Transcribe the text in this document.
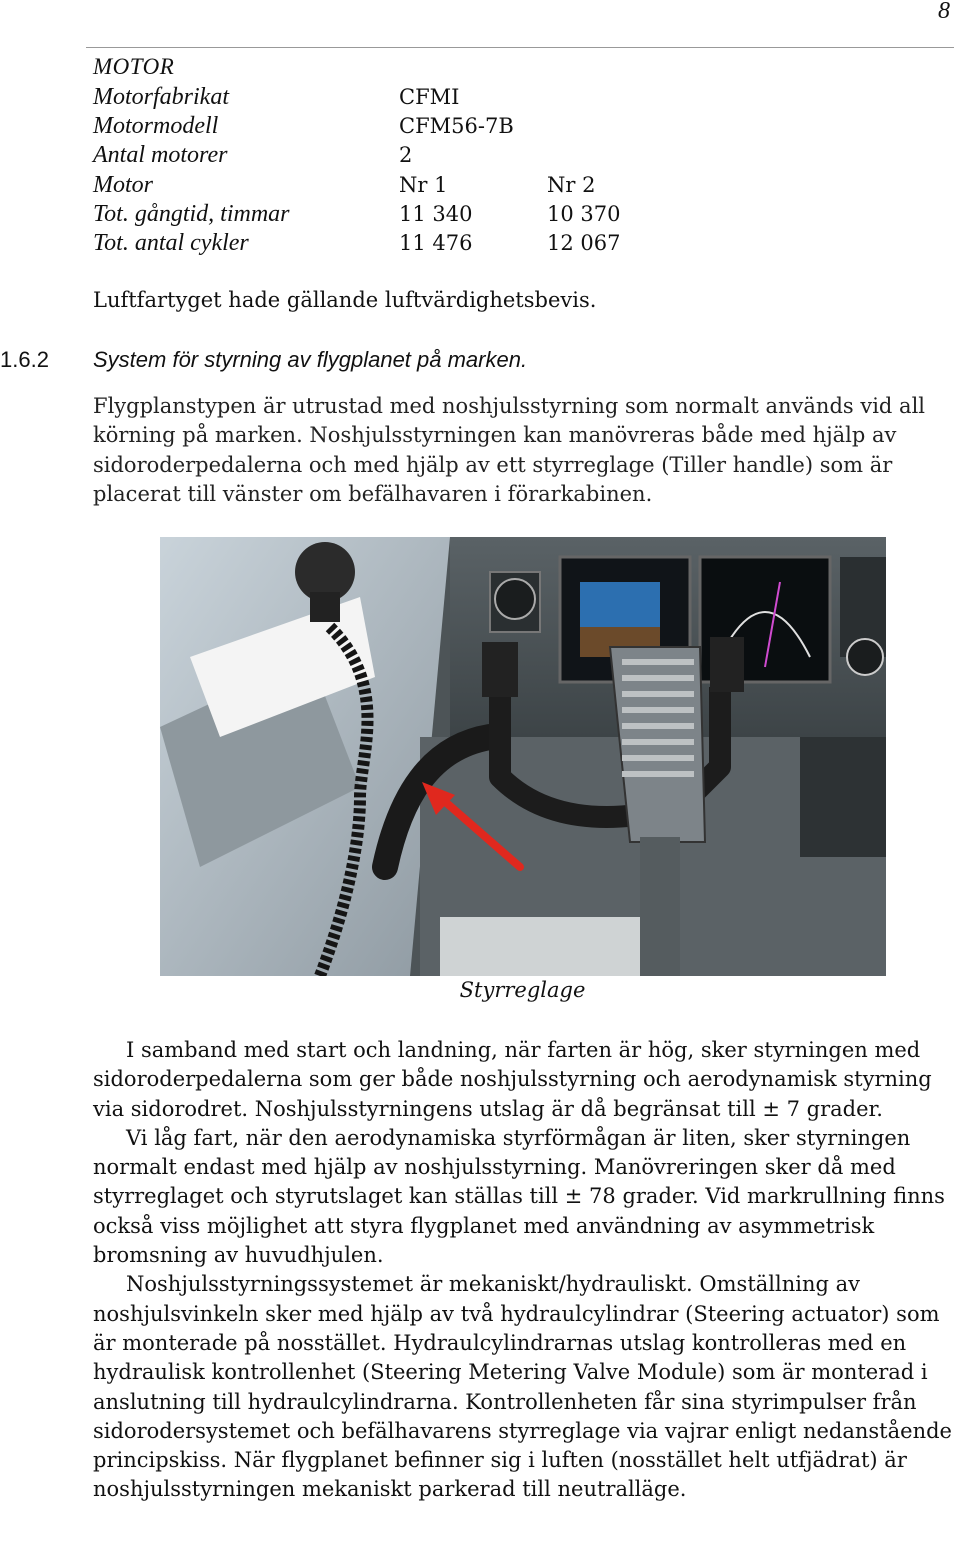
8
MOTOR
Motorfabrikat	CFMI
Motormodell	CFM56-7B
Antal motorer	2
Motor	Nr 1	Nr 2
Tot. gångtid, timmar	11 340	10 370
Tot. antal cykler	11 476	12 067
Luftfartyget hade gällande luftvärdighetsbevis.
1.6.2 System för styrning av flygplanet på marken.
Flygplanstypen är utrustad med noshjulsstyrning som normalt används vid all körning på marken. Noshjulsstyrningen kan manövreras både med hjälp av sidoroderpedalerna och med hjälp av ett styrreglage (Tiller handle) som är placerat till vänster om befälhavaren i förarkabinen.
Styrreglage

I samband med start och landning, när farten är hög, sker styrningen med sidoroderpedalerna som ger både noshjulsstyrning och aerodynamisk styrning via sidorodret. Noshjulsstyrningens utslag är då begränsat till ± 7 grader.

Vi låg fart, när den aerodynamiska styrförmågan är liten, sker styrningen normalt endast med hjälp av noshjulsstyrning. Manövreringen sker då med styrreglaget och styrutslaget kan ställas till ± 78 grader. Vid markrullning finns också viss möjlighet att styra flygplanet med användning av asymmetrisk bromsning av huvudhjulen.

Noshjulsstyrningssystemet är mekaniskt/hydrauliskt. Omställning av noshjulsvinkeln sker med hjälp av två hydraulcylindrar (Steering actuator) som är monterade på nosstället. Hydraulcylindrarnas utslag kontrolleras med en hydraulisk kontrollenhet (Steering Metering Valve Module) som är monterad i anslutning till hydraulcylindrarna. Kontrollenheten får sina styrimpulser från sidorodersystemet och befälhavarens styrreglage via vajrar enligt nedanstående principskiss. När flygplanet befinner sig i luften (nosstället helt utfjädrat) är noshjulsstyrningen mekaniskt parkerad till neutralläge.
